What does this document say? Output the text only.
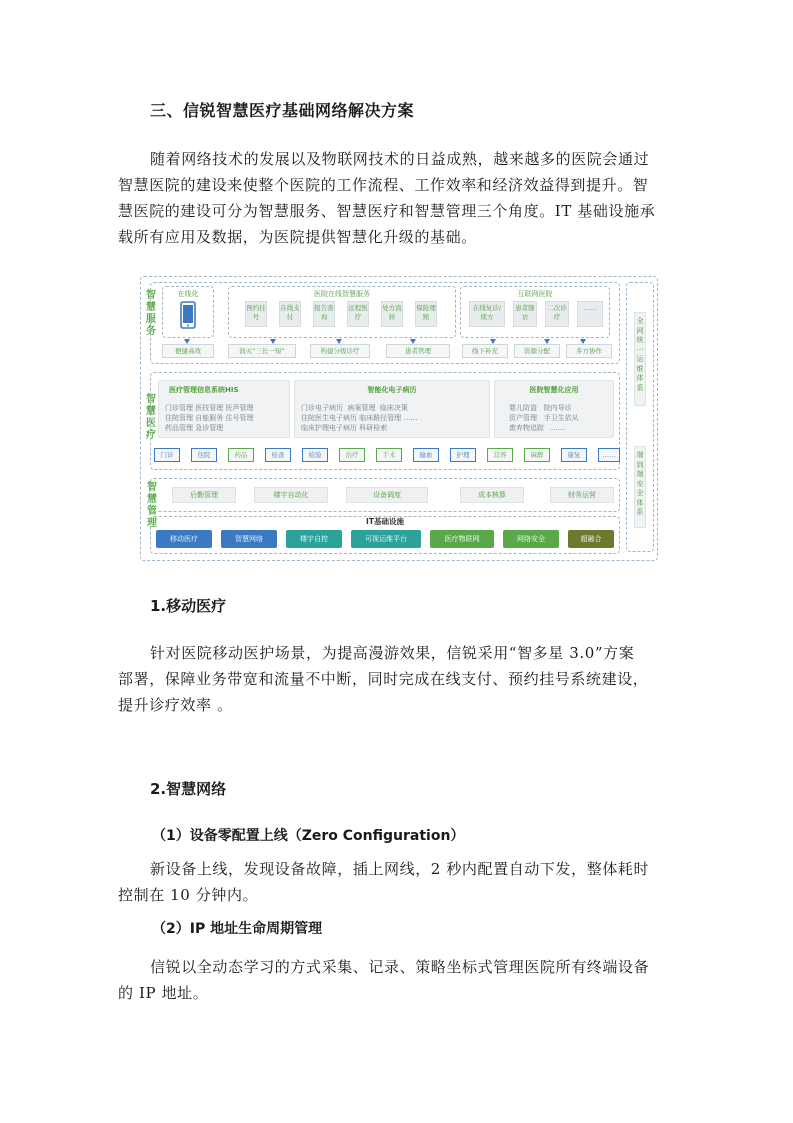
三、信锐智慧医疗基础网络解决方案

随着网络技术的发展以及物联网技术的日益成熟，越来越多的医院会通过

智慧医院的建设来使整个医院的工作流程、工作效率和经济效益得到提升。智
慧医院的建设可分为智慧服务、智慧医疗和智慧管理三个角度。IT 基础设施承
载所有应用及数据，为医院提供智慧化升级的基础。
智慧服务
智慧医疗
智慧管理
在线化	医院在线智慧服务
预约挂号
在线支付
报告查询
远程医疗
处方流转
保险理赔
互联网医院
在线复诊/续方
患者随访
二次诊疗
……
便捷高效	润灭“三长一短”	构建分级诊疗	患者管理	线下补充	资源分配	多方协作
医疗管理信息系统HIS
门诊管理 医技管理 医声管理
住院管理 自能服务 住号管理
药品管理 急诊管理
智能化电子病历
门诊电子病历 病案管理 临床决策
住院医生电子病历 临床路径管理 ……
临床护理电子病历 科研检索
医院智慧化应用
婴儿防盗 院内导诊
资产管理 手卫生依从
废弃物追踪 ……
门诊	住院	药品	检查	检验	治疗	手术	输血	护理	营养	麻醉	康复	……
后勤管理	楼宇自动化	设备调度	成本核算	财务运营
IT基础设施
移动医疗	智慧网络	楼宇自控	可视运维平台	医疗物联网	网络安全	超融合
全网统一运维体系
端到端安全体系
1.移动医疗

针对医院移动医护场景，为提高漫游效果，信锐采用“智多星 3.0”方案

部署，保障业务带宽和流量不中断，同时完成在线支付、预约挂号系统建设，
提升诊疗效率 。
2.智慧网络
（1）设备零配置上线（Zero Configuration）

新设备上线，发现设备故障，插上网线，2 秒内配置自动下发，整体耗时

控制在 10 分钟内。
（2）IP 地址生命周期管理

信锐以全动态学习的方式采集、记录、策略坐标式管理医院所有终端设备

的 IP 地址。
